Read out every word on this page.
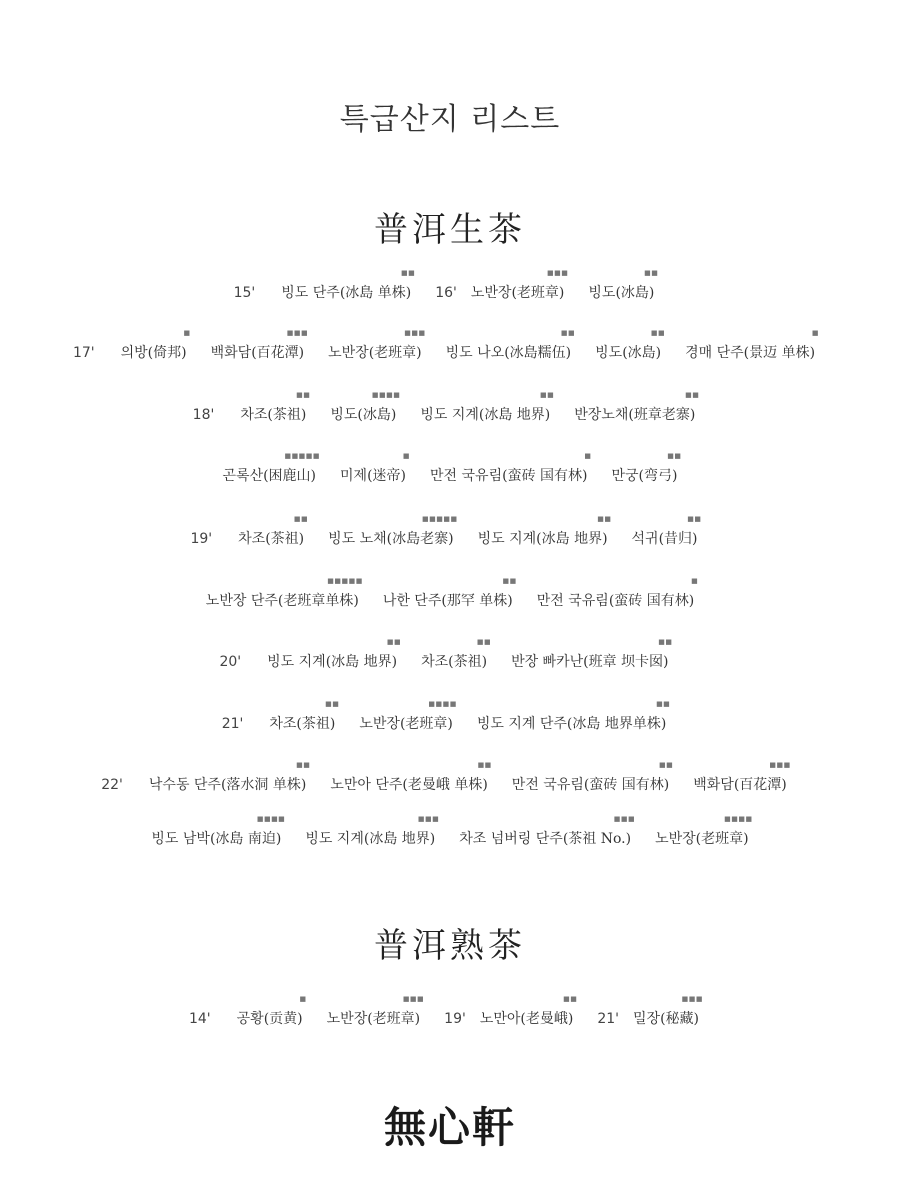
특급산지 리스트
普洱生茶
15' 빙도 단주(冰島 单株)
■■
16' 노반장(老班章)
■■■
빙도(冰島)
■■
17' 의방(倚邦)
■
백화담(百花潭)
■■■
노반장(老班章)
■■■
빙도 나오(冰島糯伍)
■■
빙도(冰島)
■■
경매 단주(景迈 单株)
■
18' 차조(茶祖)
■■
빙도(冰島)
■■■■
빙도 지계(冰島 地界)
■■
반장노채(班章老寨)
■■
곤록산(困鹿山)
■■■■■
미제(迷帝)
■
만전 국유림(蛮砖 国有林)
■
만궁(弯弓)
■■
19' 차조(茶祖)
■■
빙도 노채(冰島老寨)
■■■■■
빙도 지계(冰島 地界)
■■
석귀(昔归)
■■
노반장 단주(老班章单株)
■■■■■
나한 단주(那罕 单株)
■■
만전 국유림(蛮砖 国有林)
■
20' 빙도 지계(冰島 地界)
■■
차조(茶祖)
■■
반장 빠카난(班章 坝卡囡)
■■
21' 차조(茶祖)
■■
노반장(老班章)
■■■■
빙도 지계 단주(冰島 地界单株)
■■
22' 낙수동 단주(落水洞 单株)
■■
노만아 단주(老曼峨 单株)
■■
만전 국유림(蛮砖 国有林)
■■
백화담(百花潭)
■■■
빙도 남박(冰島 南迫)
■■■■
빙도 지계(冰島 地界)
■■■
차조 넘버링 단주(茶祖 No.)
■■■
노반장(老班章)
■■■■
普洱熟茶
14' 공황(贡黄)
■
노반장(老班章)
■■■
19' 노만아(老曼峨)
■■
21' 밀장(秘藏)
■■■
無心軒
